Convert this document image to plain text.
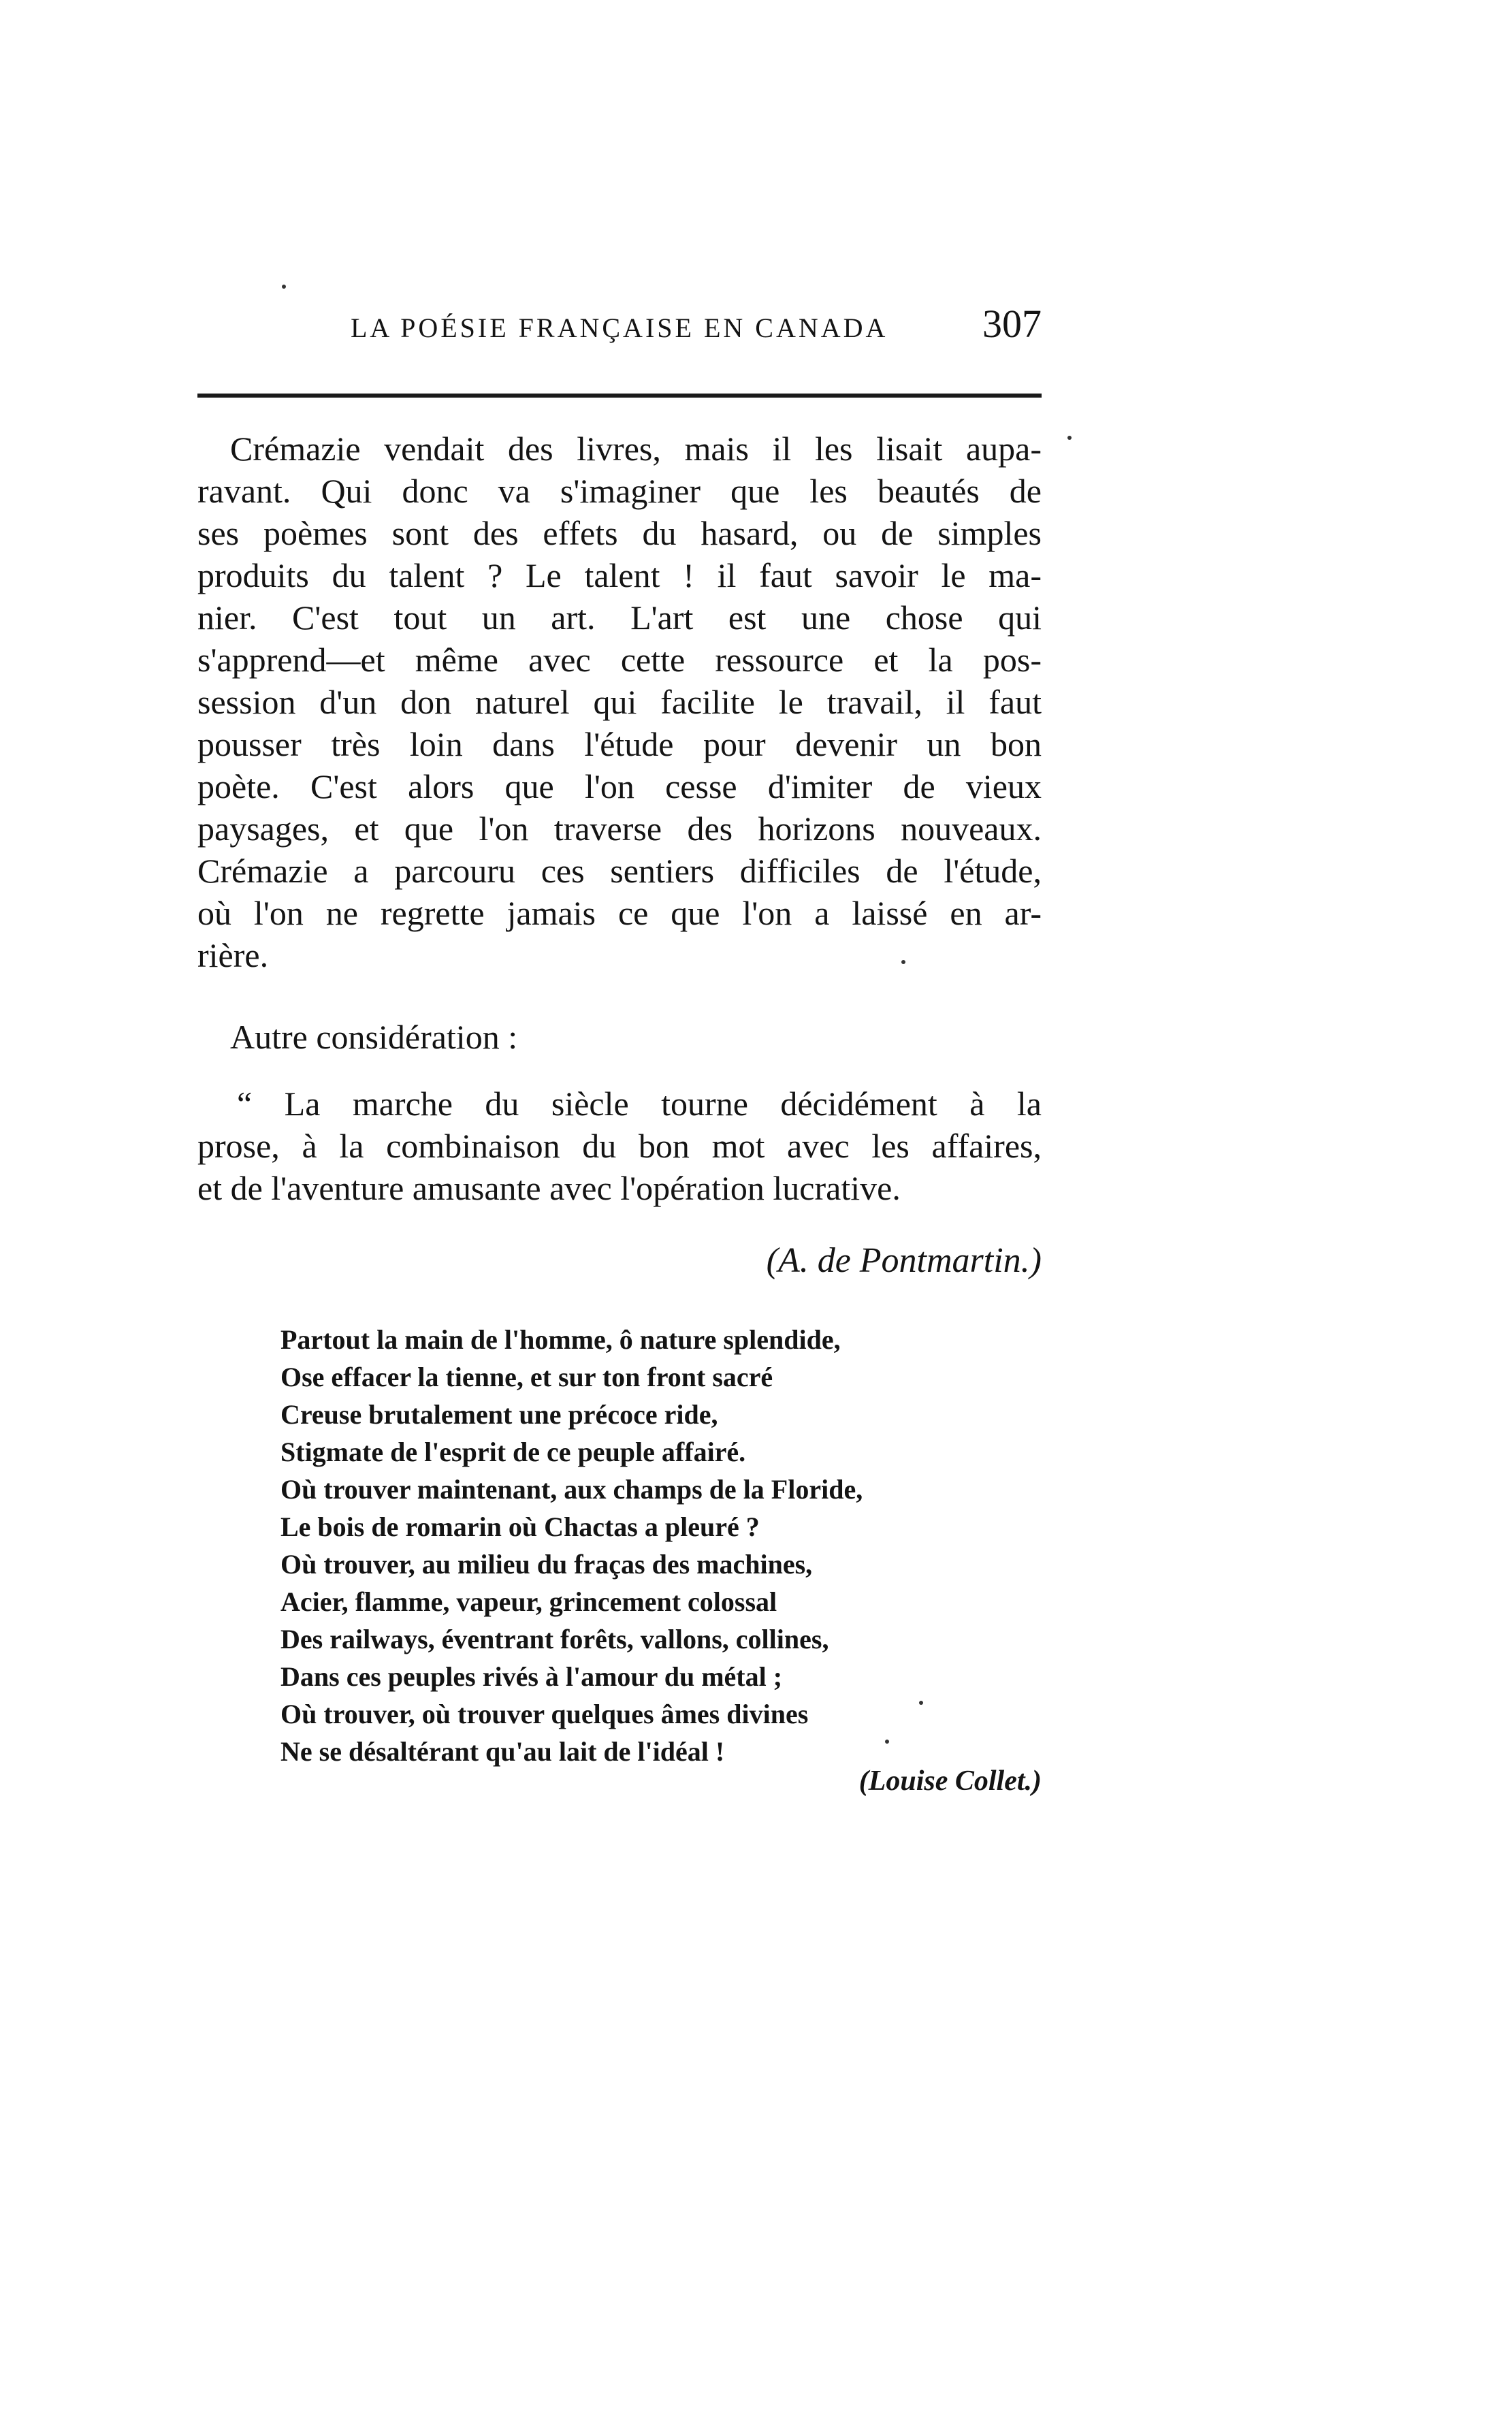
LA POÉSIE FRANÇAISE EN CANADA 307
Crémazie vendait des livres, mais il les lisait aupa-
ravant. Qui donc va s'imaginer que les beautés de
ses poèmes sont des effets du hasard, ou de simples
produits du talent ? Le talent ! il faut savoir le ma-
nier. C'est tout un art. L'art est une chose qui
s'apprend—et même avec cette ressource et la pos-
session d'un don naturel qui facilite le travail, il faut
pousser très loin dans l'étude pour devenir un bon
poète. C'est alors que l'on cesse d'imiter de vieux
paysages, et que l'on traverse des horizons nouveaux.
Crémazie a parcouru ces sentiers difficiles de l'étude,
où l'on ne regrette jamais ce que l'on a laissé en ar-
rière.
Autre considération :
“ La marche du siècle tourne décidément à la
prose, à la combinaison du bon mot avec les affaires,
et de l'aventure amusante avec l'opération lucrative.
(A. de Pontmartin.)
Partout la main de l'homme, ô nature splendide,
Ose effacer la tienne, et sur ton front sacré
Creuse brutalement une précoce ride,
Stigmate de l'esprit de ce peuple affairé.
Où trouver maintenant, aux champs de la Floride,
Le bois de romarin où Chactas a pleuré ?
Où trouver, au milieu du fraças des machines,
Acier, flamme, vapeur, grincement colossal
Des railways, éventrant forêts, vallons, collines,
Dans ces peuples rivés à l'amour du métal ;
Où trouver, où trouver quelques âmes divines
Ne se désaltérant qu'au lait de l'idéal !
(Louise Collet.)
